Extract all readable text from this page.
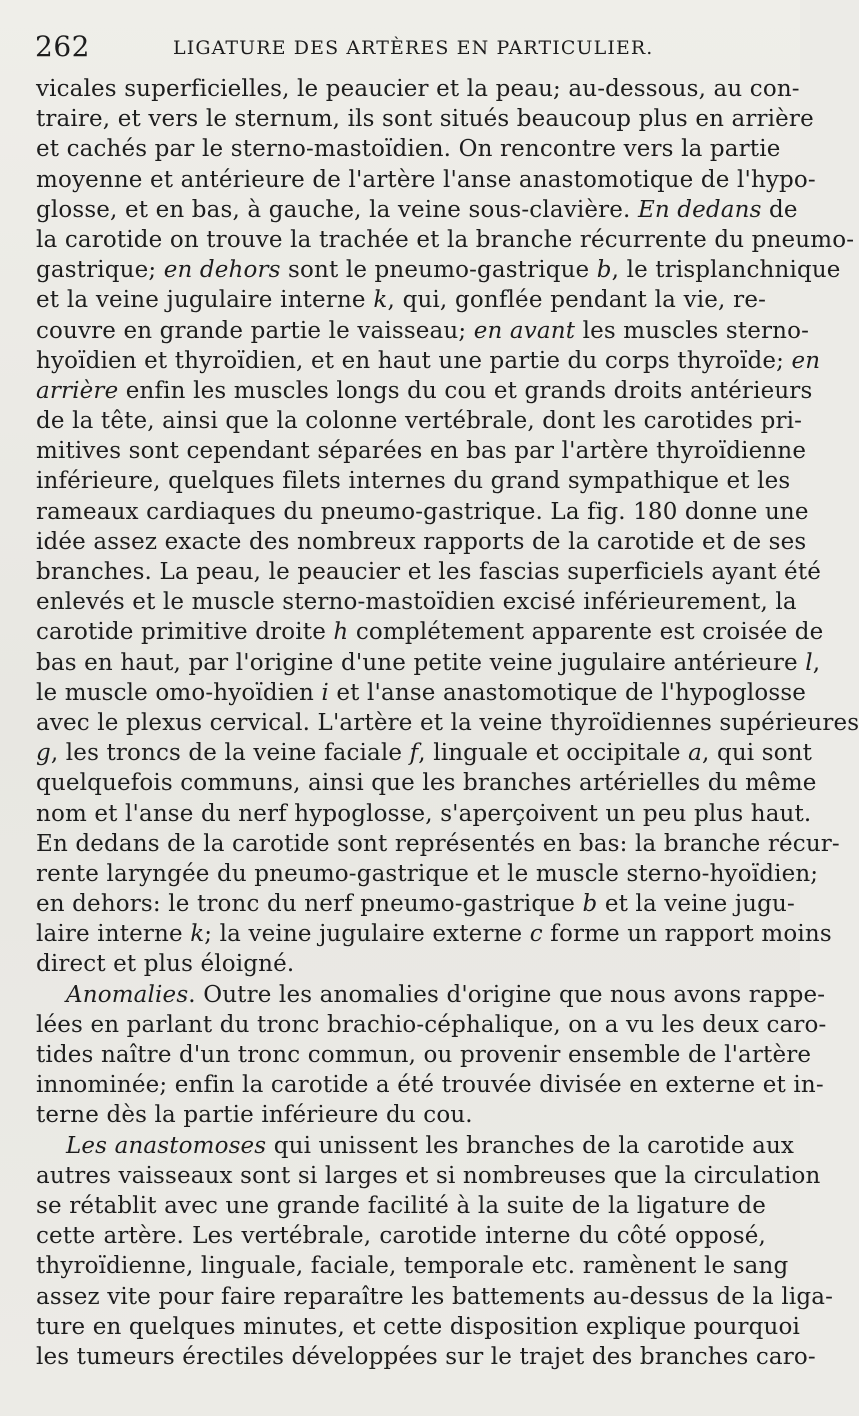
262	LIGATURE DES ARTÈRES EN PARTICULIER.
vicales superficielles, le peaucier et la peau; au-dessous, au con-
traire, et vers le sternum, ils sont situés beaucoup plus en arrière
et cachés par le sterno-mastoïdien. On rencontre vers la partie
moyenne et antérieure de l'artère l'anse anastomotique de l'hypo-
glosse, et en bas, à gauche, la veine sous-clavière. En dedans de
la carotide on trouve la trachée et la branche récurrente du pneumo-
gastrique; en dehors sont le pneumo-gastrique b, le trisplanchnique
et la veine jugulaire interne k, qui, gonflée pendant la vie, re-
couvre en grande partie le vaisseau; en avant les muscles sterno-
hyoïdien et thyroïdien, et en haut une partie du corps thyroïde; en
arrière enfin les muscles longs du cou et grands droits antérieurs
de la tête, ainsi que la colonne vertébrale, dont les carotides pri-
mitives sont cependant séparées en bas par l'artère thyroïdienne
inférieure, quelques filets internes du grand sympathique et les
rameaux cardiaques du pneumo-gastrique. La fig. 180 donne une
idée assez exacte des nombreux rapports de la carotide et de ses
branches. La peau, le peaucier et les fascias superficiels ayant été
enlevés et le muscle sterno-mastoïdien excisé inférieurement, la
carotide primitive droite h complétement apparente est croisée de
bas en haut, par l'origine d'une petite veine jugulaire antérieure l,
le muscle omo-hyoïdien i et l'anse anastomotique de l'hypoglosse
avec le plexus cervical. L'artère et la veine thyroïdiennes supérieures
g, les troncs de la veine faciale f, linguale et occipitale a, qui sont
quelquefois communs, ainsi que les branches artérielles du même
nom et l'anse du nerf hypoglosse, s'aperçoivent un peu plus haut.
En dedans de la carotide sont représentés en bas: la branche récur-
rente laryngée du pneumo-gastrique et le muscle sterno-hyoïdien;
en dehors: le tronc du nerf pneumo-gastrique b et la veine jugu-
laire interne k; la veine jugulaire externe c forme un rapport moins
direct et plus éloigné.
Anomalies. Outre les anomalies d'origine que nous avons rappe-
lées en parlant du tronc brachio-céphalique, on a vu les deux caro-
tides naître d'un tronc commun, ou provenir ensemble de l'artère
innominée; enfin la carotide a été trouvée divisée en externe et in-
terne dès la partie inférieure du cou.
Les anastomoses qui unissent les branches de la carotide aux
autres vaisseaux sont si larges et si nombreuses que la circulation
se rétablit avec une grande facilité à la suite de la ligature de
cette artère. Les vertébrale, carotide interne du côté opposé,
thyroïdienne, linguale, faciale, temporale etc. ramènent le sang
assez vite pour faire reparaître les battements au-dessus de la liga-
ture en quelques minutes, et cette disposition explique pourquoi
les tumeurs érectiles développées sur le trajet des branches caro-
